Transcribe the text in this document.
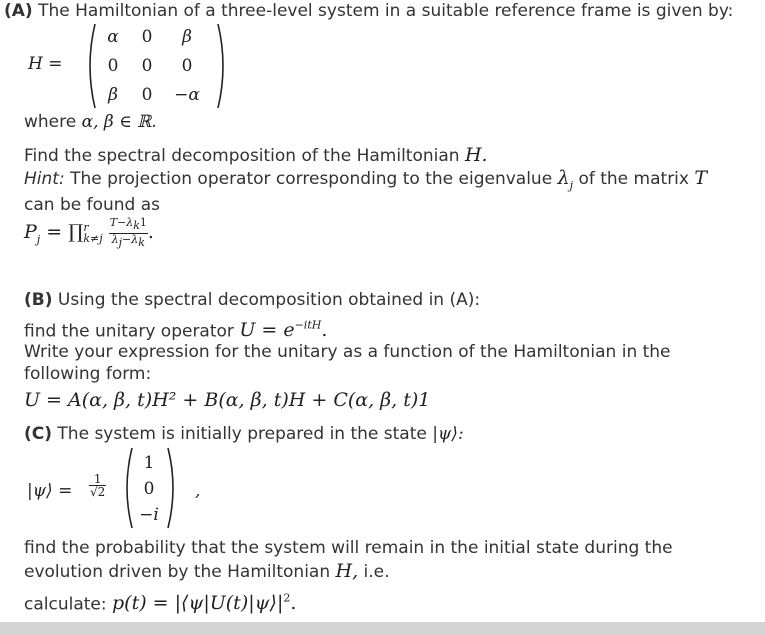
(A) The Hamiltonian of a three-level system in a suitable reference frame is given by:
H =
α	0	β
0	0	0
β	0	−α
where α, β ∈ ℝ.
Find the spectral decomposition of the Hamiltonian H.
Hint: The projection operator corresponding to the eigenvalue $\lambda_j$ of the matrix T
can be found as
$P_j$ = ∏ r
k≠j
$\frac{T-\lambda_k1}{\lambda_j-\lambda_k}$ .
(B) Using the spectral decomposition obtained in (A):
find the unitary operator $U = e^{-itH}$.
Write your expression for the unitary as a function of the Hamiltonian in the
following form:
U = A(α, β, t)H² + B(α, β, t)H + C(α, β, t)1
(C) The system is initially prepared in the state |ψ⟩:
|ψ⟩ = $\frac{1}{√2}$
1
0
−i
,
find the probability that the system will remain in the initial state during the
evolution driven by the Hamiltonian H, i.e.
calculate: $p(t) = |⟨\psi|U(t)|\psi⟩|^2$.
